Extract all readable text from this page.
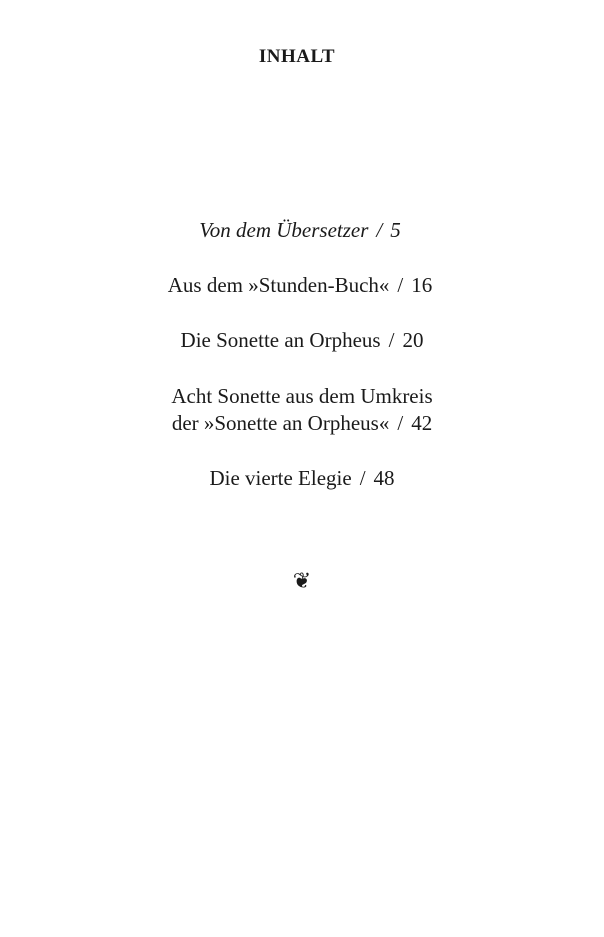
INHALT
Von dem Übersetzer / 5
Aus dem »Stunden-Buch« / 16
Die Sonette an Orpheus / 20
Acht Sonette aus dem Umkreis
der »Sonette an Orpheus« / 42
Die vierte Elegie / 48
❦
